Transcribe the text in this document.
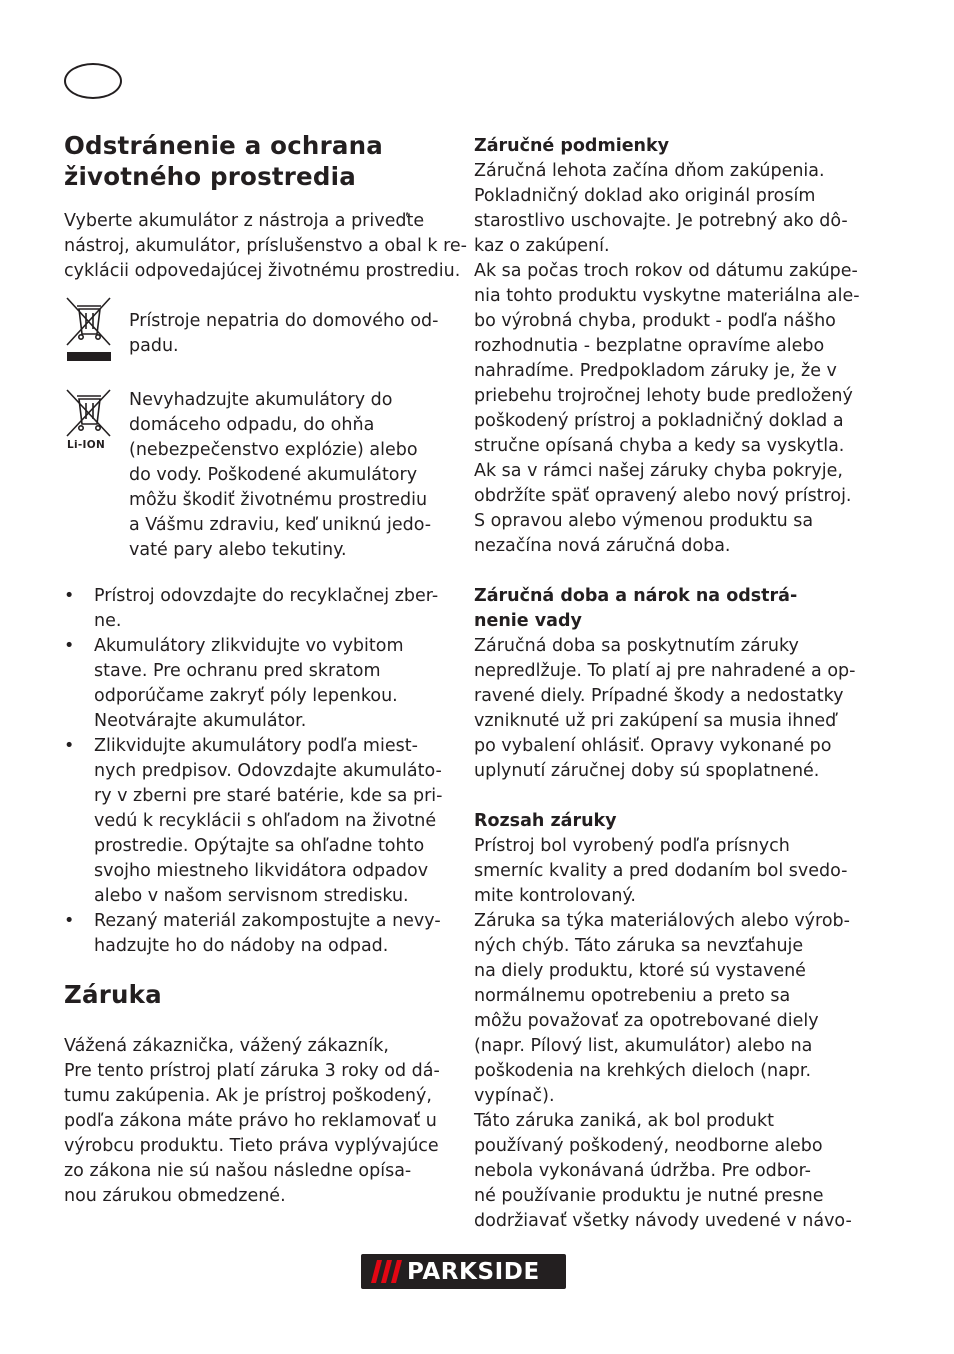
Odstránenie a ochrana
životného prostredia

Vyberte akumulátor z nástroja a priveďte
nástroj, akumulátor, príslušenstvo a obal k re-
cyklácii odpovedajúcej životnému prostrediu.

Prístroje nepatria do domového od-
padu.
Li-ION
Nevyhadzujte akumulátory do
domáceho odpadu, do ohňa
(nebezpečenstvo explózie) alebo
do vody. Poškodené akumulátory
môžu škodiť životnému prostrediu
a Vášmu zdraviu, keď uniknú jedo-
vaté pary alebo tekutiny.
• Prístroj odovzdajte do recyklačnej zber-
ne.
• Akumulátory zlikvidujte vo vybitom
stave. Pre ochranu pred skratom
odporúčame zakryť póly lepenkou.
Neotvárajte akumulátor.
• Zlikvidujte akumulátory podľa miest-
nych predpisov. Odovzdajte akumuláto-
ry v zberni pre staré batérie, kde sa pri-
vedú k recyklácii s ohľadom na životné
prostredie. Opýtajte sa ohľadne tohto
svojho miestneho likvidátora odpadov
alebo v našom servisnom stredisku.
• Rezaný materiál zakompostujte a nevy-
hadzujte ho do nádoby na odpad.
Záruka

Vážená zákaznička, vážený zákazník,
Pre tento prístroj platí záruka 3 roky od dá-
tumu zakúpenia. Ak je prístroj poškodený,
podľa zákona máte právo ho reklamovať u
výrobcu produktu. Tieto práva vyplývajúce
zo zákona nie sú našou následne opísa-
nou zárukou obmedzené.

Záručné podmienky

Záručná lehota začína dňom zakúpenia.
Pokladničný doklad ako originál prosím
starostlivo uschovajte. Je potrebný ako dô-
kaz o zakúpení.
Ak sa počas troch rokov od dátumu zakúpe-
nia tohto produktu vyskytne materiálna ale-
bo výrobná chyba, produkt - podľa nášho
rozhodnutia - bezplatne opravíme alebo
nahradíme. Predpokladom záruky je, že v
priebehu trojročnej lehoty bude predložený
poškodený prístroj a pokladničný doklad a
stručne opísaná chyba a kedy sa vyskytla.
Ak sa v rámci našej záruky chyba pokryje,
obdržíte späť opravený alebo nový prístroj.
S opravou alebo výmenou produktu sa
nezačína nová záručná doba.

Záručná doba a nárok na odstrá-
nenie vady

Záručná doba sa poskytnutím záruky
nepredlžuje. To platí aj pre nahradené a op-
ravené diely. Prípadné škody a nedostatky
vzniknuté už pri zakúpení sa musia ihneď
po vybalení ohlásiť. Opravy vykonané po
uplynutí záručnej doby sú spoplatnené.

Rozsah záruky

Prístroj bol vyrobený podľa prísnych
smerníc kvality a pred dodaním bol svedo-
mite kontrolovaný.
Záruka sa týka materiálových alebo výrob-
ných chýb. Táto záruka sa nevzťahuje
na diely produktu, ktoré sú vystavené
normálnemu opotrebeniu a preto sa
môžu považovať za opotrebované diely
(napr. Pílový list, akumulátor) alebo na
poškodenia na krehkých dieloch (napr.
vypínač).
Táto záruka zaniká, ak bol produkt
používaný poškodený, neodborne alebo
nebola vykonávaná údržba. Pre odbor-
né používanie produktu je nutné presne
dodržiavať všetky návody uvedené v návo-

PARKSIDE
